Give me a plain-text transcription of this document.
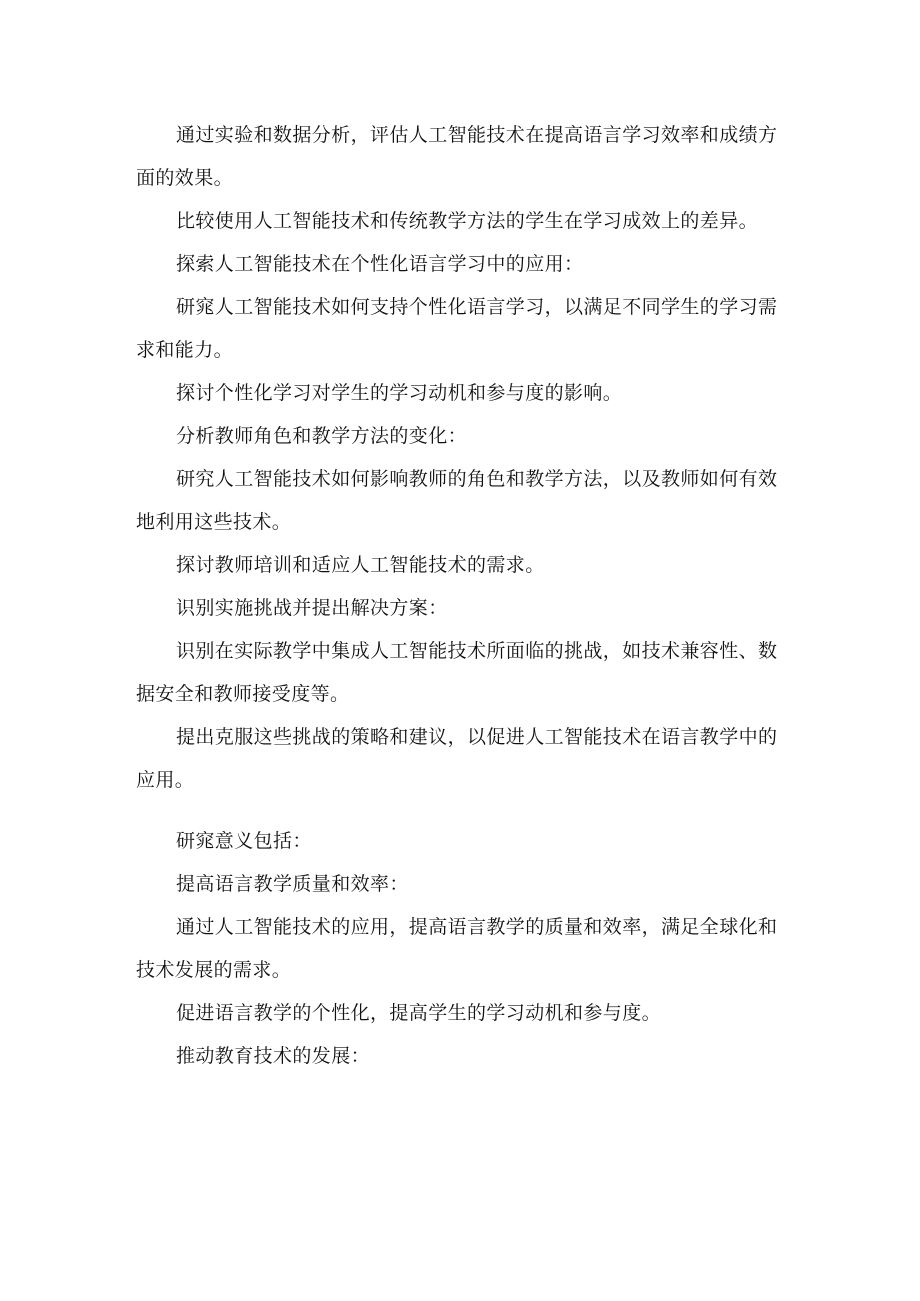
通过实验和数据分析，评估人工智能技术在提高语言学习效率和成绩方面的效果。

比较使用人工智能技术和传统教学方法的学生在学习成效上的差异。

探索人工智能技术在个性化语言学习中的应用：

研窕人工智能技术如何支持个性化语言学习，以满足不同学生的学习需求和能力。

探讨个性化学习对学生的学习动机和参与度的影响。

分析教师角色和教学方法的变化：

研究人工智能技术如何影响教师的角色和教学方法，以及教师如何有效地利用这些技术。

探讨教师培训和适应人工智能技术的需求。

识别实施挑战并提出解决方案：

识别在实际教学中集成人工智能技术所面临的挑战，如技术兼容性、数据安全和教师接受度等。

提出克服这些挑战的策略和建议，以促进人工智能技术在语言教学中的应用。

研窕意义包括：

提高语言教学质量和效率：

通过人工智能技术的应用，提高语言教学的质量和效率，满足全球化和技术发展的需求。

促进语言教学的个性化，提高学生的学习动机和参与度。

推动教育技术的发展：
